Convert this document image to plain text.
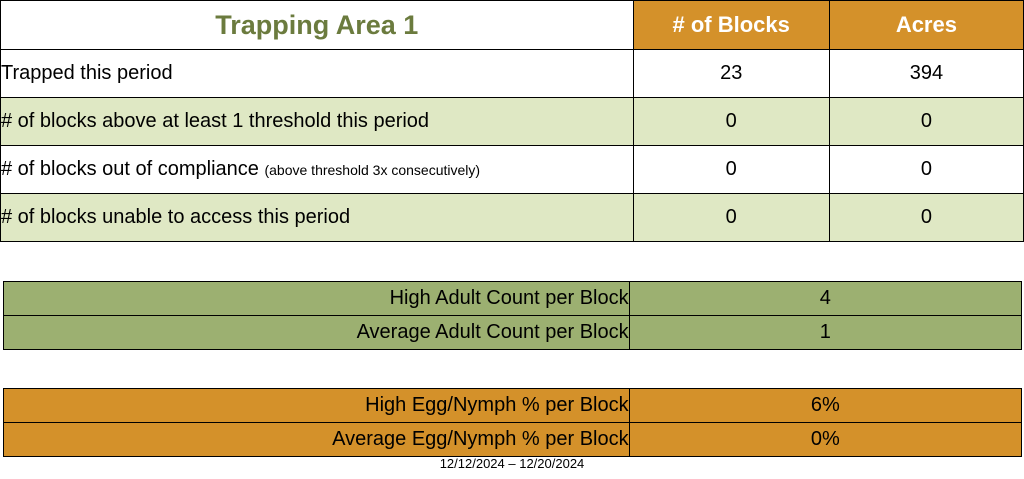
Trapping Area 1	# of Blocks	Acres
Trapped this period	23	394
# of blocks above at least 1 threshold this period	0	0
# of blocks out of compliance (above threshold 3x consecutively)	0	0
# of blocks unable to access this period	0	0
High Adult Count per Block	4
Average Adult Count per Block	1
High Egg/Nymph % per Block	6%
Average Egg/Nymph % per Block	0%
12/12/2024 – 12/20/2024
